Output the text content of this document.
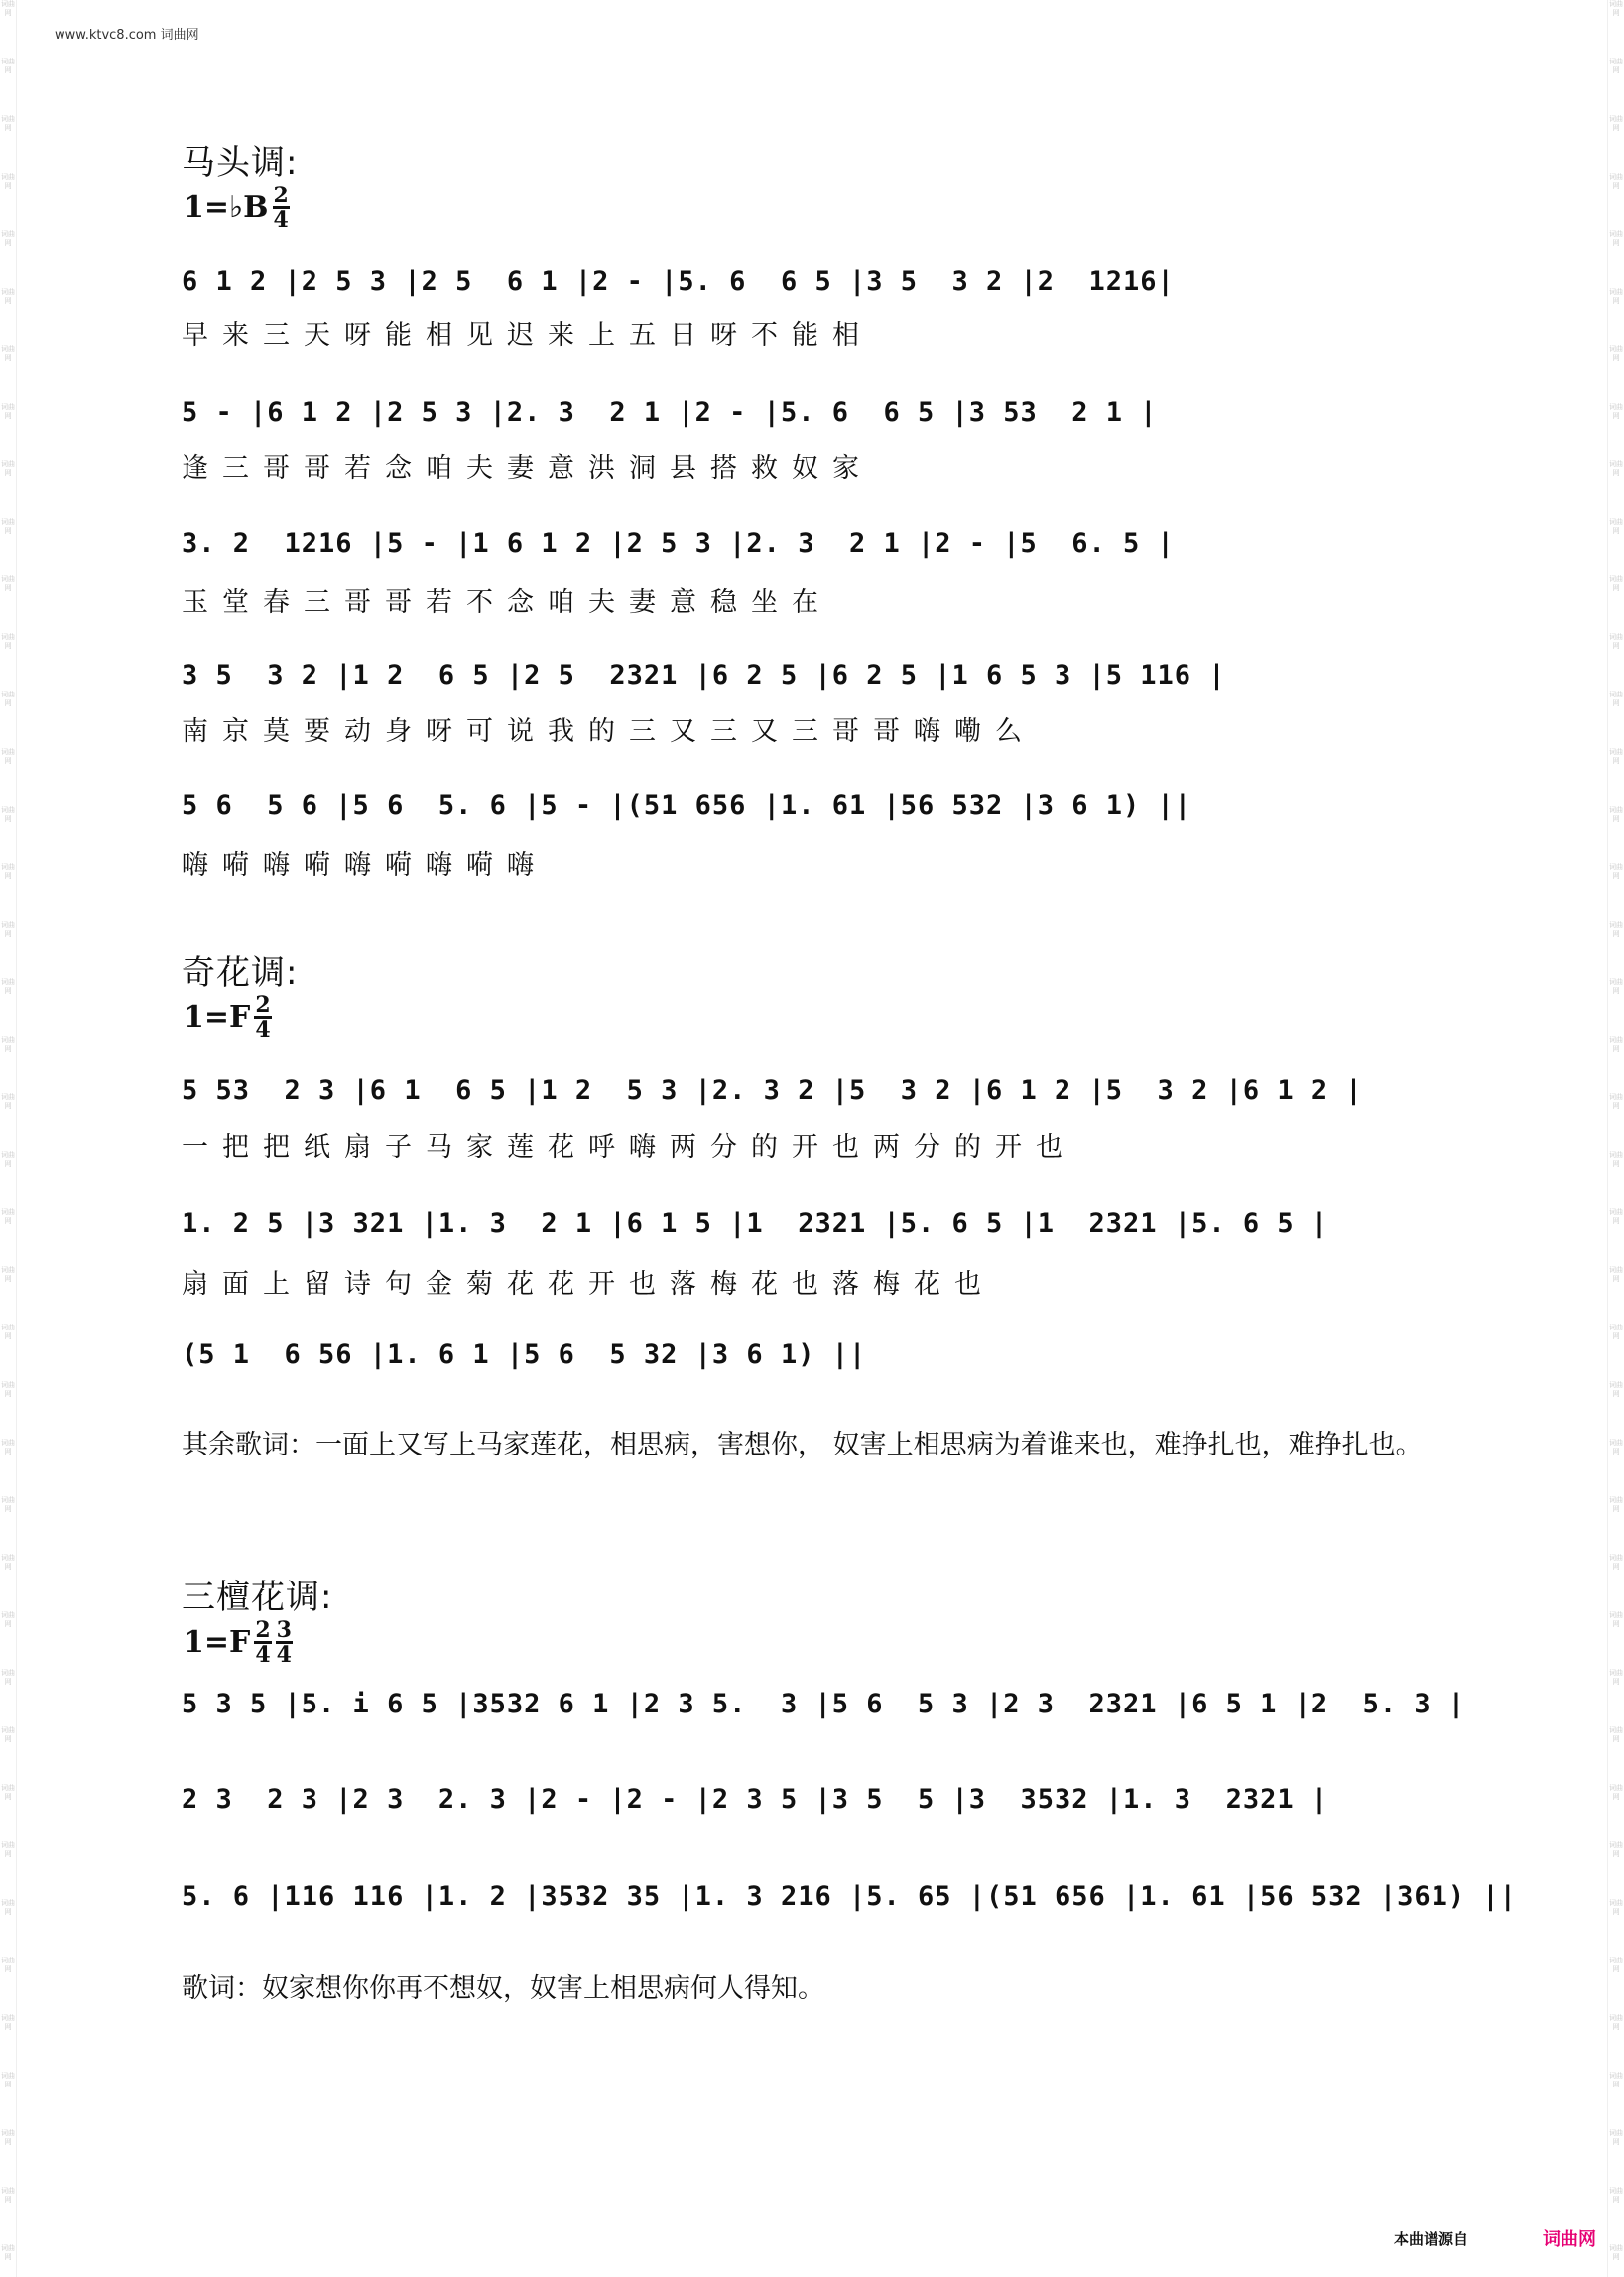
词曲网
词曲网
词曲网
词曲网
词曲网
词曲网
词曲网
词曲网
词曲网
词曲网
词曲网
词曲网
词曲网
词曲网
词曲网
词曲网
词曲网
词曲网
词曲网
词曲网
词曲网
词曲网
词曲网
词曲网
词曲网
词曲网
词曲网
词曲网
词曲网
词曲网
词曲网
词曲网
词曲网
词曲网
词曲网
词曲网
词曲网
词曲网
词曲网
词曲网
词曲网
词曲网
词曲网
词曲网
词曲网
词曲网
词曲网
词曲网
词曲网
词曲网
词曲网
词曲网
词曲网
词曲网
词曲网
词曲网
词曲网
词曲网
词曲网
词曲网
词曲网
词曲网
词曲网
词曲网
词曲网
词曲网
词曲网
词曲网
词曲网
词曲网
词曲网
词曲网
词曲网
词曲网
词曲网
词曲网
词曲网
词曲网
词曲网
词曲网
www.ktvc8.com 词曲网
马头调:
1=♭B 2
4
6 1 2 |2 5 3 |2 5  6 1 |2 - |5. 6  6 5 |3 5  3 2 |2  1216|
早来三天呀能相见迟来上五日呀不能相
5 - |6 1 2 |2 5 3 |2. 3  2 1 |2 - |5. 6  6 5 |3 53  2 1 |
逢三哥哥若念咱夫妻意洪洞县搭救奴家
3. 2  1216 |5 - |1 6 1 2 |2 5 3 |2. 3  2 1 |2 - |5  6. 5 |
玉堂春三哥哥若不念咱夫妻意稳坐在
3 5  3 2 |1 2  6 5 |2 5  2321 |6 2 5 |6 2 5 |1 6 5 3 |5 116 |
南京莫要动身呀可说我的三又三又三哥哥嗨嘞么
5 6  5 6 |5 6  5. 6 |5 - |(51 656 |1. 61 |56 532 |3 6 1) ||
嗨嗬嗨嗬嗨嗬嗨嗬嗨
奇花调:
1=F 2
4
5 53  2 3 |6 1  6 5 |1 2  5 3 |2. 3 2 |5  3 2 |6 1 2 |5  3 2 |6 1 2 |
一把把纸扇子马家莲花呼嗨两分的开也两分的开也
1. 2 5 |3 321 |1. 3  2 1 |6 1 5 |1  2321 |5. 6 5 |1  2321 |5. 6 5 |
扇面上留诗句金菊花花开也落梅花也落梅花也
(5 1  6 56 |1. 6 1 |5 6  5 32 |3 6 1) ||
其余歌词：一面上又写上马家莲花，相思病，害想你， 奴害上相思病为着谁来也，难挣扎也，难挣扎也。
三檀花调:
1=F 2
4
3
4
5 3 5 |5. i 6 5 |3532 6 1 |2 3 5.  3 |5 6  5 3 |2 3  2321 |6 5 1 |2  5. 3 |
2 3  2 3 |2 3  2. 3 |2 - |2 - |2 3 5 |3 5  5 |3  3532 |1. 3  2321 |
5. 6 |116 116 |1. 2 |3532 35 |1. 3 216 |5. 65 |(51 656 |1. 61 |56 532 |361) ||
歌词：奴家想你你再不想奴，奴害上相思病何人得知。
本曲谱源自	词曲网
